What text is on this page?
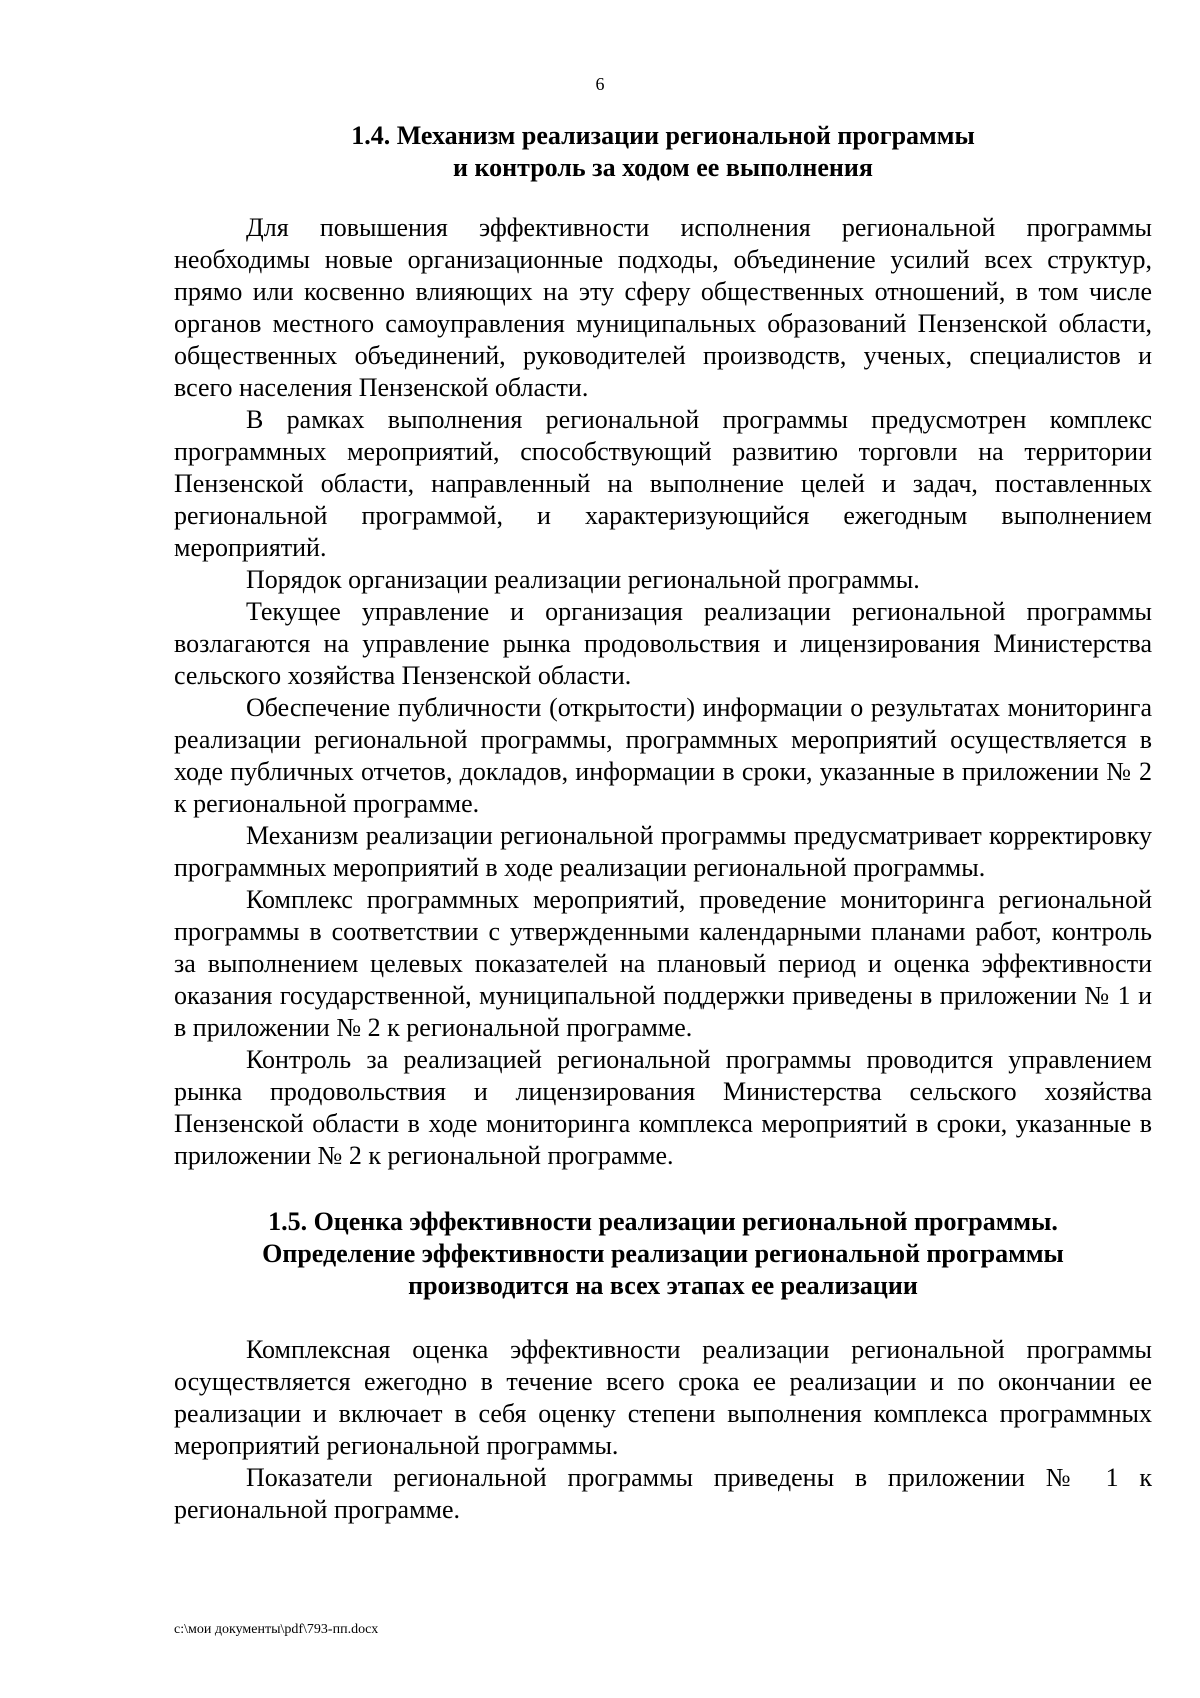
6
1.4. Механизм реализации региональной программы
и контроль за ходом ее выполнения

Для повышения эффективности исполнения региональной программы необходимы новые организационные подходы, объединение усилий всех структур, прямо или косвенно влияющих на эту сферу общественных отношений, в том числе органов местного самоуправления муниципальных образований Пензенской области, общественных объединений, руководителей производств, ученых, специалистов и всего населения Пензенской области.

В рамках выполнения региональной программы предусмотрен комплекс программных мероприятий, способствующий развитию торговли на территории Пензенской области, направленный на выполнение целей и задач, поставленных региональной программой, и характеризующийся ежегодным выполнением мероприятий.

Порядок организации реализации региональной программы.

Текущее управление и организация реализации региональной программы возлагаются на управление рынка продовольствия и лицензирования Министерства сельского хозяйства Пензенской области.

Обеспечение публичности (открытости) информации о результатах мониторинга реализации региональной программы, программных мероприятий осуществляется в ходе публичных отчетов, докладов, информации в сроки, указанные в приложении № 2 к региональной программе.

Механизм реализации региональной программы предусматривает корректировку программных мероприятий в ходе реализации региональной программы.

Комплекс программных мероприятий, проведение мониторинга региональной программы в соответствии с утвержденными календарными планами работ, контроль за выполнением целевых показателей на плановый период и оценка эффективности оказания государственной, муниципальной поддержки приведены в приложении № 1 и в приложении № 2 к региональной программе.

Контроль за реализацией региональной программы проводится управлением рынка продовольствия и лицензирования Министерства сельского хозяйства Пензенской области в ходе мониторинга комплекса мероприятий в сроки, указанные в приложении № 2 к региональной программе.

1.5. Оценка эффективности реализации региональной программы.
Определение эффективности реализации региональной программы
производится на всех этапах ее реализации

Комплексная оценка эффективности реализации региональной программы осуществляется ежегодно в течение всего срока ее реализации и по окончании ее реализации и включает в себя оценку степени выполнения комплекса программных мероприятий региональной программы.

Показатели региональной программы приведены в приложении № 1 к региональной программе.

c:\мои документы\pdf\793-пп.docx
